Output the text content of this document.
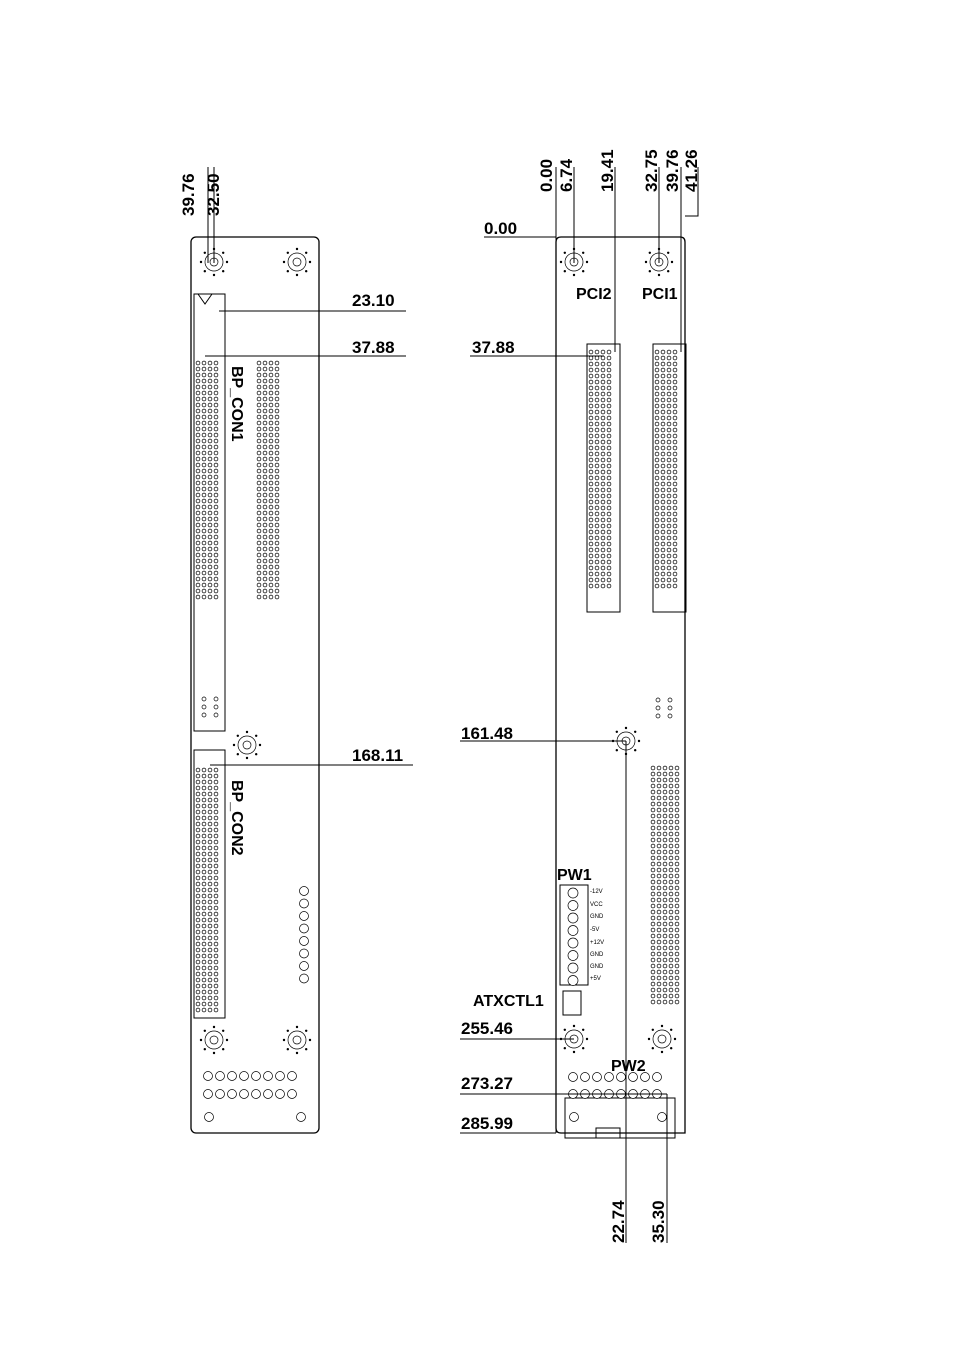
39.76 32.50
23.10
37.88
168.11
BP_CON1
BP_CON2
0.00 6.74 19.41 32.75 39.76 41.26
0.00
37.88
161.48
255.46
273.27
285.99
22.74 35.30
PCI2 PCI1
PW1
ATXCTL1
PW2
-12V
VCC
GND
-5V
+12V
GND
GND
+5V
